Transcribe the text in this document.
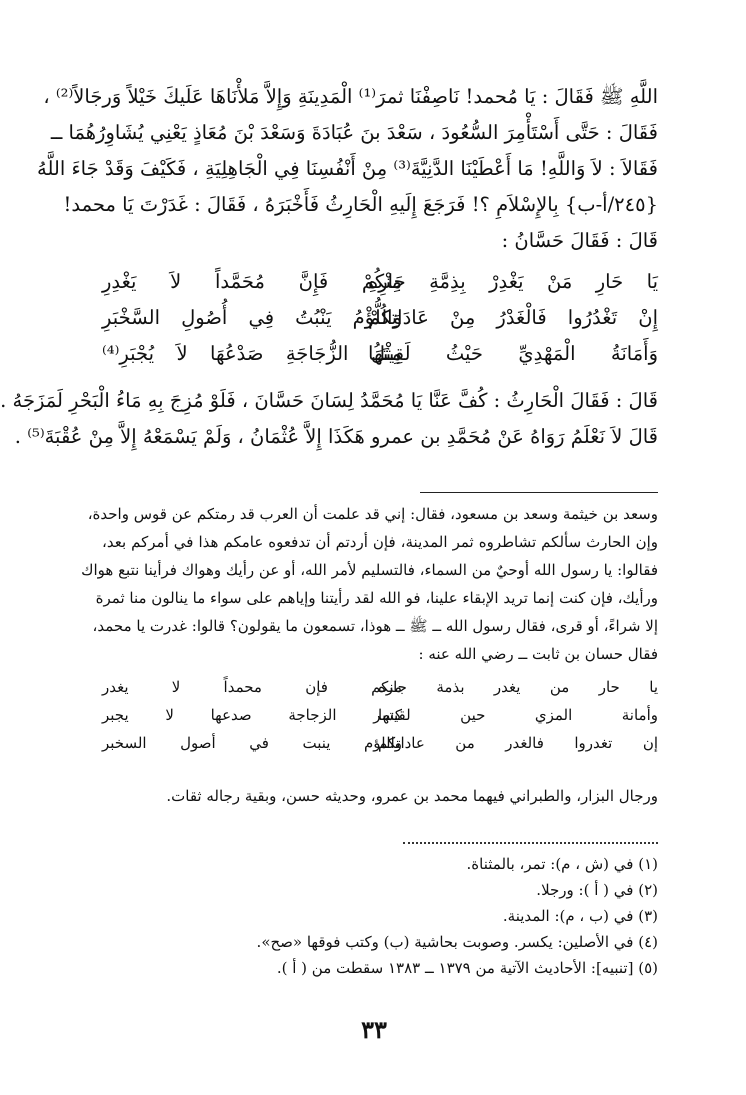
اللَّهِ ﷺ فَقَالَ : يَا مُحمد! نَاصِفْنَا ثمرَ⁽¹⁾ الْمَدِينَةِ وَإِلاَّ مَلأْنَاهَا عَلَيكَ خَيْلاً وَرجَالاً⁽²⁾ ،
فَقَالَ : حَتَّى أَسْتَأْمِرَ السُّعُودَ ، سَعْدَ بنَ عُبَادَةَ وَسَعْدَ بْنَ مُعَاذٍ يَعْنِي يُشَاوِرُهُمَا ــ
فَقَالاَ : لاَ وَاللَّهِ! مَا أَعْطَيْنَا الدَّنِيَّةَ⁽³⁾ مِنْ أَنْفُسِنَا فِي الْجَاهِلِيَةِ ، فَكَيْفَ وَقَدْ جَاءَ اللَّهُ
{٢٤٥/أ-ب} بِالإِسْلاَمِ ؟! فَرَجَعَ إِلَيهِ الْحَارِثُ فَأَخْبَرَهُ ، فَقَالَ : غَدَرْتَ يَا محمد!
قَالَ : فَقَالَ حَسَّانُ :
يَا حَارِ مَنْ يَغْدِرْ بِذِمَّةِ جَارِهِ
مِنْكُمْ فَإِنَّ مُحَمَّداً لاَ يَغْدِرِ
إِنْ تَغْدُرُوا فَالْغَدْرُ مِنْ عَادَاتِكُمْ
وَاللُّؤْمُ يَنْبُتُ فِي أُصُولِ السَّخْبَرِ
وَأَمَانَةُ الْمَهْدِيِّ حَيْثُ لَقِيتَهَا
مِثْلُ الزُّجَاجَةِ صَدْعُهَا لاَ يُجْبَرِ⁽⁴⁾
قَالَ : فَقَالَ الْحَارِثُ : كُفَّ عَنَّا يَا مُحَمَّدُ لِسَانَ حَسَّانَ ، فَلَوْ مُزِجَ بِهِ مَاءُ الْبَحْرِ لَمَزَجَهُ .
قَالَ لاَ نَعْلَمُ رَوَاهُ عَنْ مُحَمَّدِ بن عمرو هَكَذَا إِلاَّ عُثْمَانُ ، وَلَمْ يَسْمَعْهُ إِلاَّ مِنْ عُقْبَةَ⁽⁵⁾ .
وسعد بن خيثمة وسعد بن مسعود، فقال: إني قد علمت أن العرب قد رمتكم عن قوس واحدة،
وإن الحارث سألكم تشاطروه ثمر المدينة، فإن أردتم أن تدفعوه عامكم هذا في أمركم بعد،
فقالوا: يا رسول الله أوحيٌ من السماء، فالتسليم لأمر الله، أو عن رأيك وهواك فرأينا نتبع هواك
ورأيك، فإن كنت إنما تريد الإبقاء علينا، فو الله لقد رأيتنا وإياهم على سواء ما ينالون منا ثمرة
إلا شراءً، أو قرى، فقال رسول الله ــ ﷺ ــ هوذا، تسمعون ما يقولون؟ قالوا: غدرت يا محمد،
فقال حسان بن ثابت ــ رضي الله عنه :
يا حار من يغدر بذمة جاره
منكم فإن محمداً لا يغدر
وأمانة المزي حين لقيتها
كسر الزجاجة صدعها لا يجبر
إن تغدروا فالغدر من عاداتكم
واللؤم ينبت في أصول السخبر
ورجال البزار، والطبراني فيهما محمد بن عمرو، وحديثه حسن، وبقية رجاله ثقات.
(١) في (ش ، م): تمر، بالمثناة.
(٢) في ( أ ): ورجلا.
(٣) في (ب ، م): المدينة.
(٤) في الأصلين: يكسر. وصوبت بحاشية (ب) وكتب فوقها «صح».
(٥) [تنبيه]: الأحاديث الآتية من ١٣٧٩ ــ ١٣٨٣ سقطت من ( أ ).
٣٣
